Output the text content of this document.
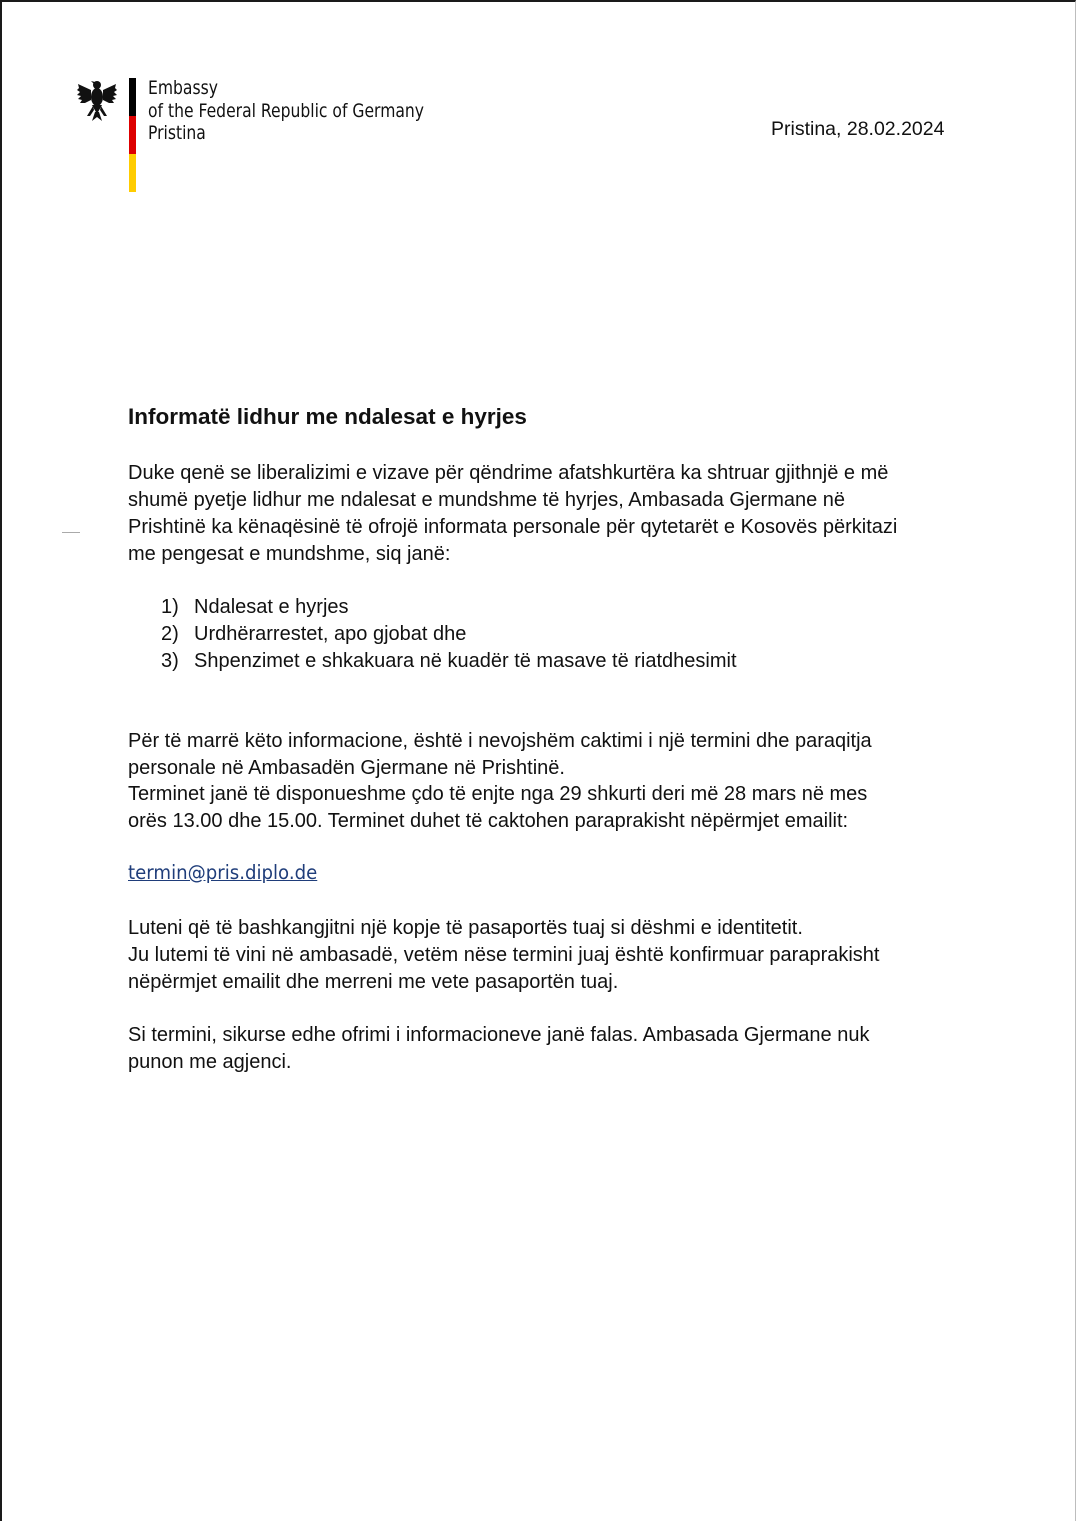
Embassy
of the Federal Republic of Germany
Pristina	Pristina, 28.02.2024
Informatë lidhur me ndalesat e hyrjes
Duke qenë se liberalizimi e vizave për qëndrime afatshkurtëra ka shtruar gjithnjë e më
shumë pyetje lidhur me ndalesat e mundshme të hyrjes, Ambasada Gjermane në
Prishtinë ka kënaqësinë të ofrojë informata personale për qytetarët e Kosovës përkitazi
me pengesat e mundshme, siq janë:
1) Ndalesat e hyrjes
2) Urdhërarrestet, apo gjobat dhe
3) Shpenzimet e shkakuara në kuadër të masave të riatdhesimit
Për të marrë këto informacione, është i nevojshëm caktimi i një termini dhe paraqitja
personale në Ambasadën Gjermane në Prishtinë.
Terminet janë të disponueshme çdo të enjte nga 29 shkurti deri më 28 mars në mes
orës 13.00 dhe 15.00. Terminet duhet të caktohen paraprakisht nëpërmjet emailit:
termin@pris.diplo.de
Luteni që të bashkangjitni një kopje të pasaportës tuaj si dëshmi e identitetit.
Ju lutemi të vini në ambasadë, vetëm nëse termini juaj është konfirmuar paraprakisht
nëpërmjet emailit dhe merreni me vete pasaportën tuaj.
Si termini, sikurse edhe ofrimi i informacioneve janë falas. Ambasada Gjermane nuk
punon me agjenci.
